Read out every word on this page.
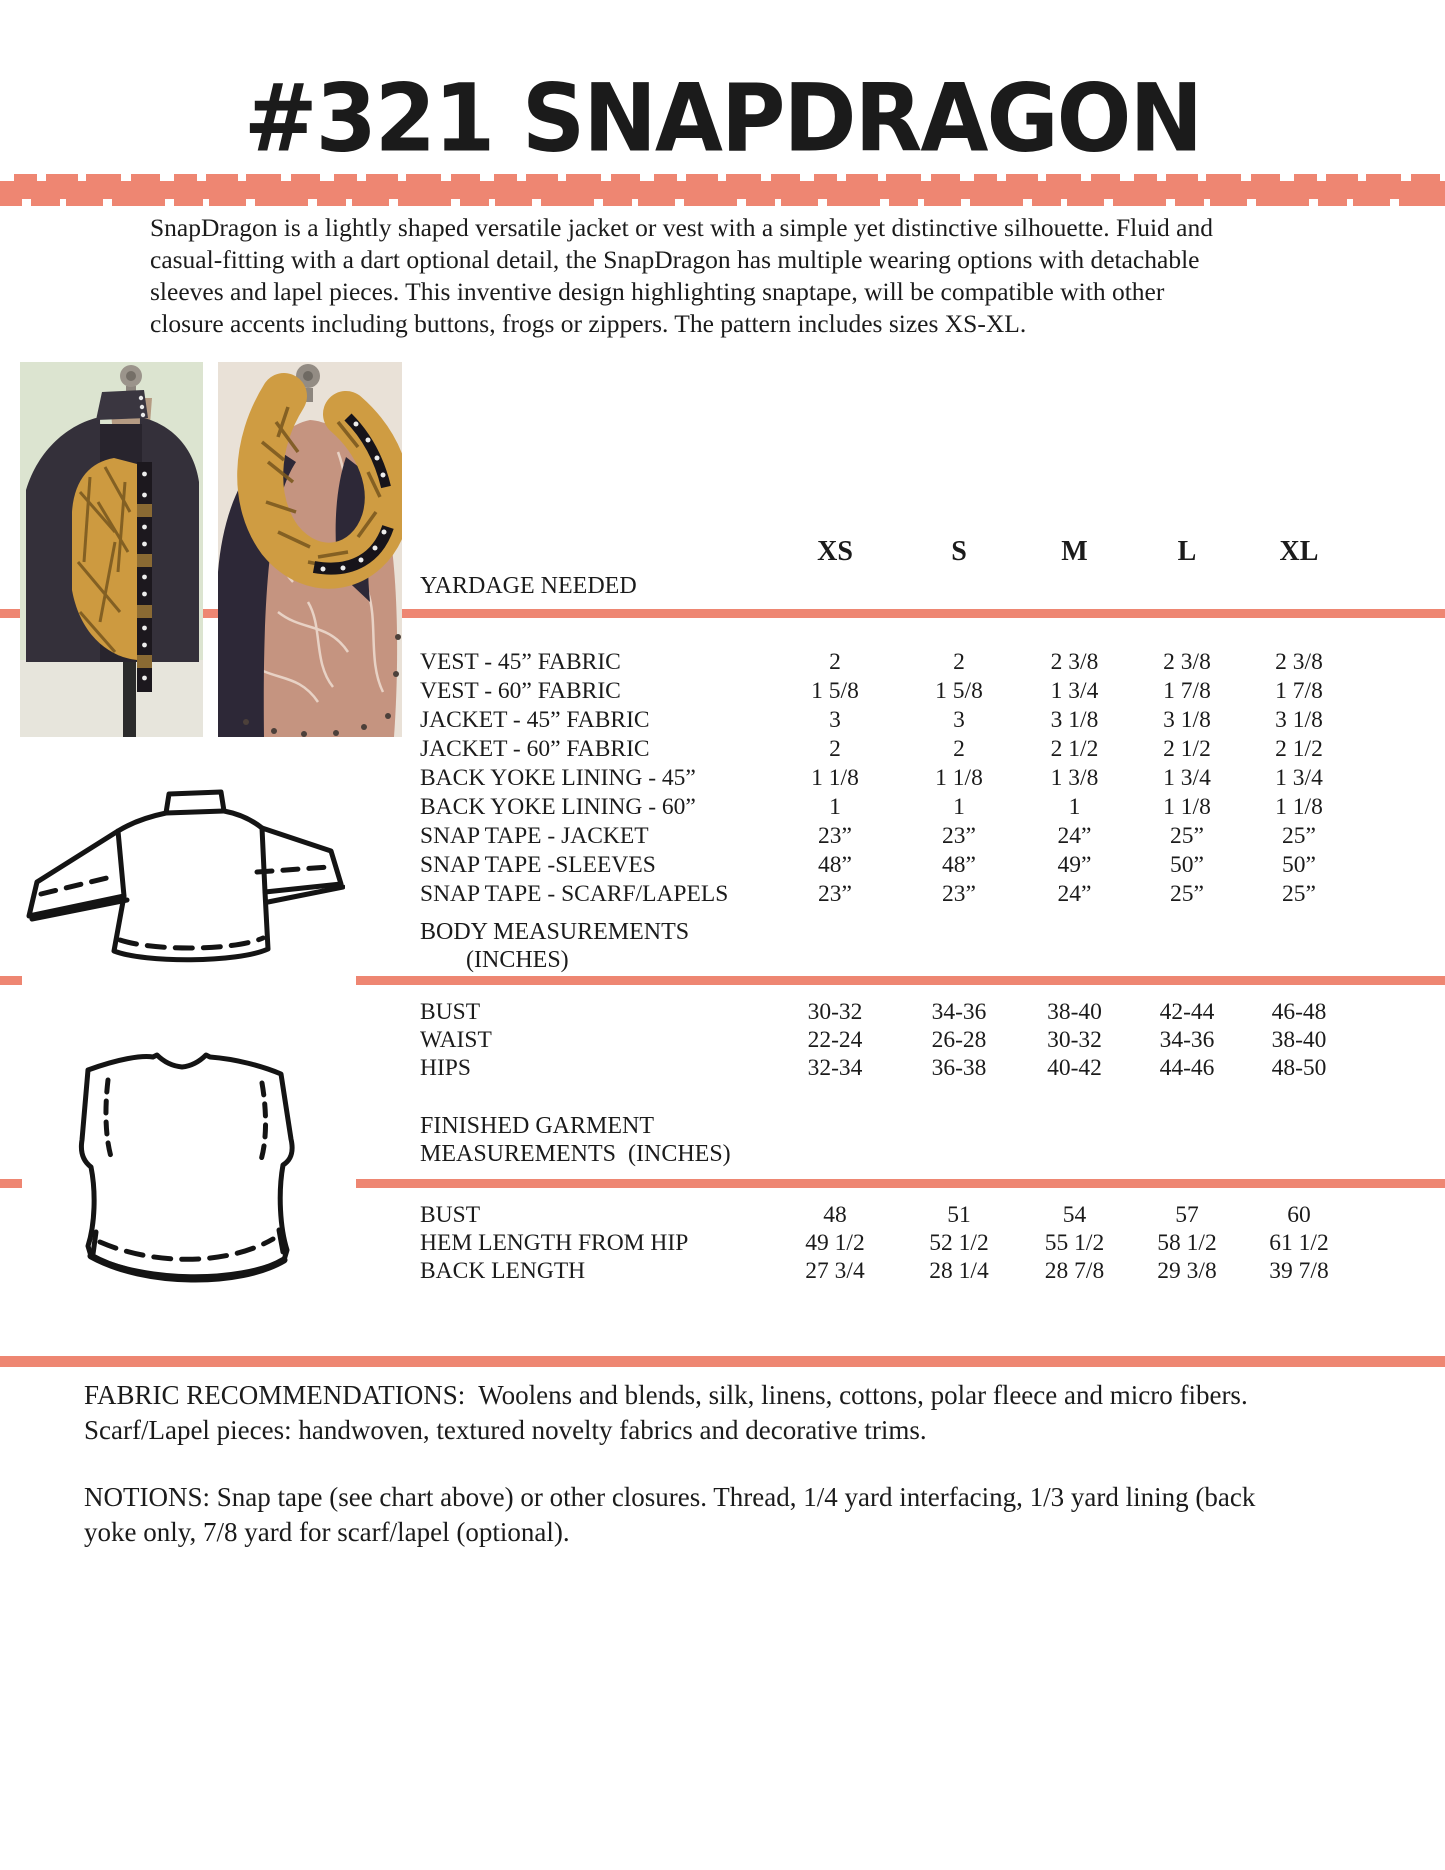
#321 SNAPDRAGON
SnapDragon is a lightly shaped versatile jacket or vest with a simple yet distinctive silhouette. Fluid and
casual-fitting with a dart optional detail, the SnapDragon has multiple wearing options with detachable
sleeves and lapel pieces. This inventive design highlighting snaptape, will be compatible with other
closure accents including buttons, frogs or zippers. The pattern includes sizes XS-XL.
XS	S	M	L	XL
YARDAGE NEEDED
VEST - 45” FABRIC	2	2	2 3/8	2 3/8	2 3/8
VEST - 60” FABRIC	1 5/8	1 5/8	1 3/4	1 7/8	1 7/8
JACKET - 45” FABRIC	3	3	3 1/8	3 1/8	3 1/8
JACKET - 60” FABRIC	2	2	2 1/2	2 1/2	2 1/2
BACK YOKE LINING - 45”	1 1/8	1 1/8	1 3/8	1 3/4	1 3/4
BACK YOKE LINING - 60”	1	1	1	1 1/8	1 1/8
SNAP TAPE - JACKET	23”	23”	24”	25”	25”
SNAP TAPE -SLEEVES	48”	48”	49”	50”	50”
SNAP TAPE - SCARF/LAPELS	23”	23”	24”	25”	25”
BODY MEASUREMENTS
(INCHES)
BUST	30-32	34-36	38-40	42-44	46-48
WAIST	22-24	26-28	30-32	34-36	38-40
HIPS	32-34	36-38	40-42	44-46	48-50
FINISHED GARMENT
MEASUREMENTS  (INCHES)
BUST	48	51	54	57	60
HEM LENGTH FROM HIP	49 1/2	52 1/2	55 1/2	58 1/2	61 1/2
BACK LENGTH	27 3/4	28 1/4	28 7/8	29 3/8	39 7/8
FABRIC RECOMMENDATIONS:  Woolens and blends, silk, linens, cottons, polar fleece and micro fibers.
Scarf/Lapel pieces: handwoven, textured novelty fabrics and decorative trims.
NOTIONS: Snap tape (see chart above) or other closures. Thread, 1/4 yard interfacing, 1/3 yard lining (back
yoke only, 7/8 yard for scarf/lapel (optional).
